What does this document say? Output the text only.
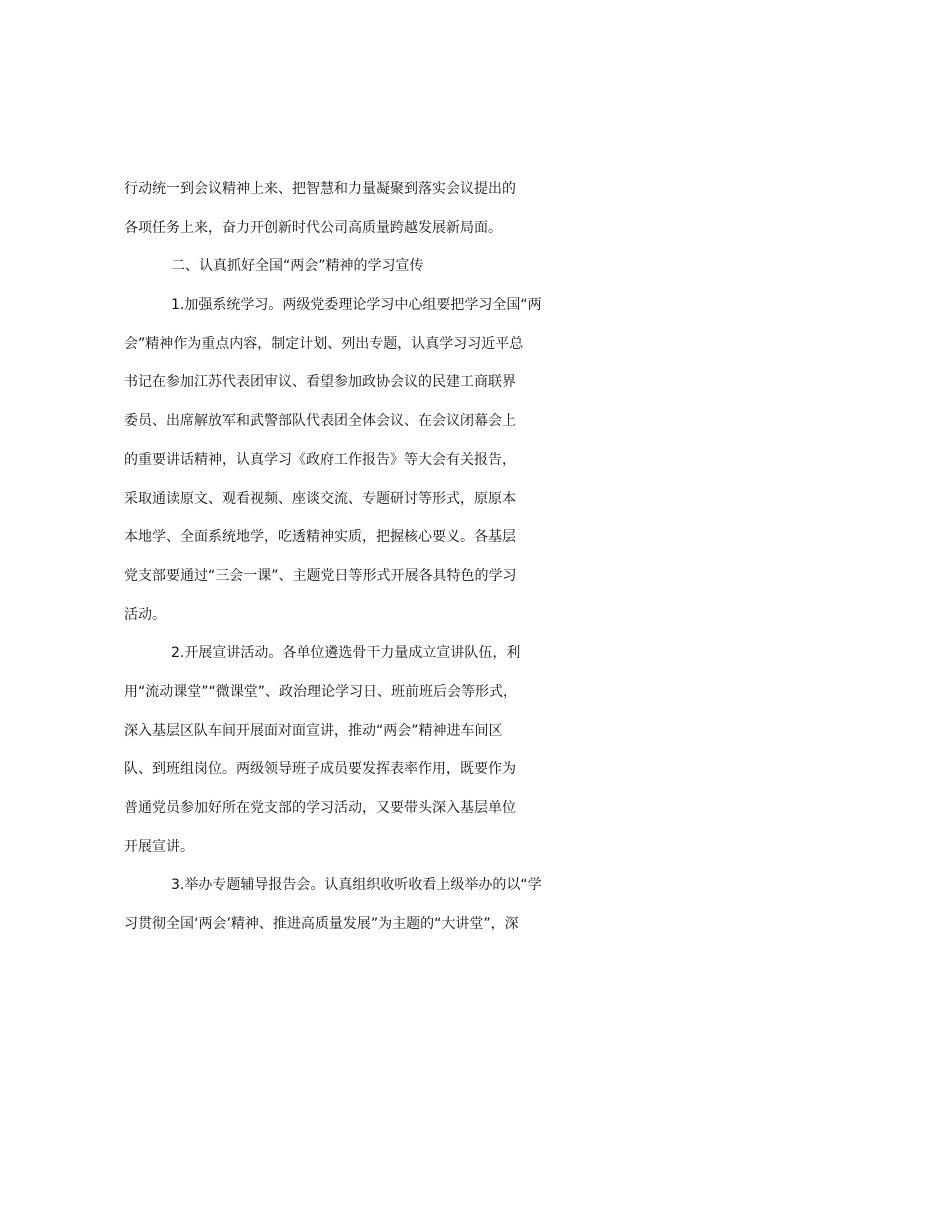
行动统一到会议精神上来、把智慧和力量凝聚到落实会议提出的
各项任务上来，奋力开创新时代公司高质量跨越发展新局面。
二、认真抓好全国“两会”精神的学习宣传
1.加强系统学习。两级党委理论学习中心组要把学习全国“两
会”精神作为重点内容，制定计划、列出专题，认真学习习近平总
书记在参加江苏代表团审议、看望参加政协会议的民建工商联界
委员、出席解放军和武警部队代表团全体会议、在会议闭幕会上
的重要讲话精神，认真学习《政府工作报告》等大会有关报告，
采取通读原文、观看视频、座谈交流、专题研讨等形式，原原本
本地学、全面系统地学，吃透精神实质，把握核心要义。各基层
党支部要通过“三会一课”、主题党日等形式开展各具特色的学习
活动。
2.开展宣讲活动。各单位遴选骨干力量成立宣讲队伍，利
用“流动课堂”“微课堂”、政治理论学习日、班前班后会等形式，
深入基层区队车间开展面对面宣讲，推动“两会”精神进车间区
队、到班组岗位。两级领导班子成员要发挥表率作用，既要作为
普通党员参加好所在党支部的学习活动，又要带头深入基层单位
开展宣讲。
3.举办专题辅导报告会。认真组织收听收看上级举办的以“学
习贯彻全国‘两会’精神、推进高质量发展”为主题的“大讲堂”，深
